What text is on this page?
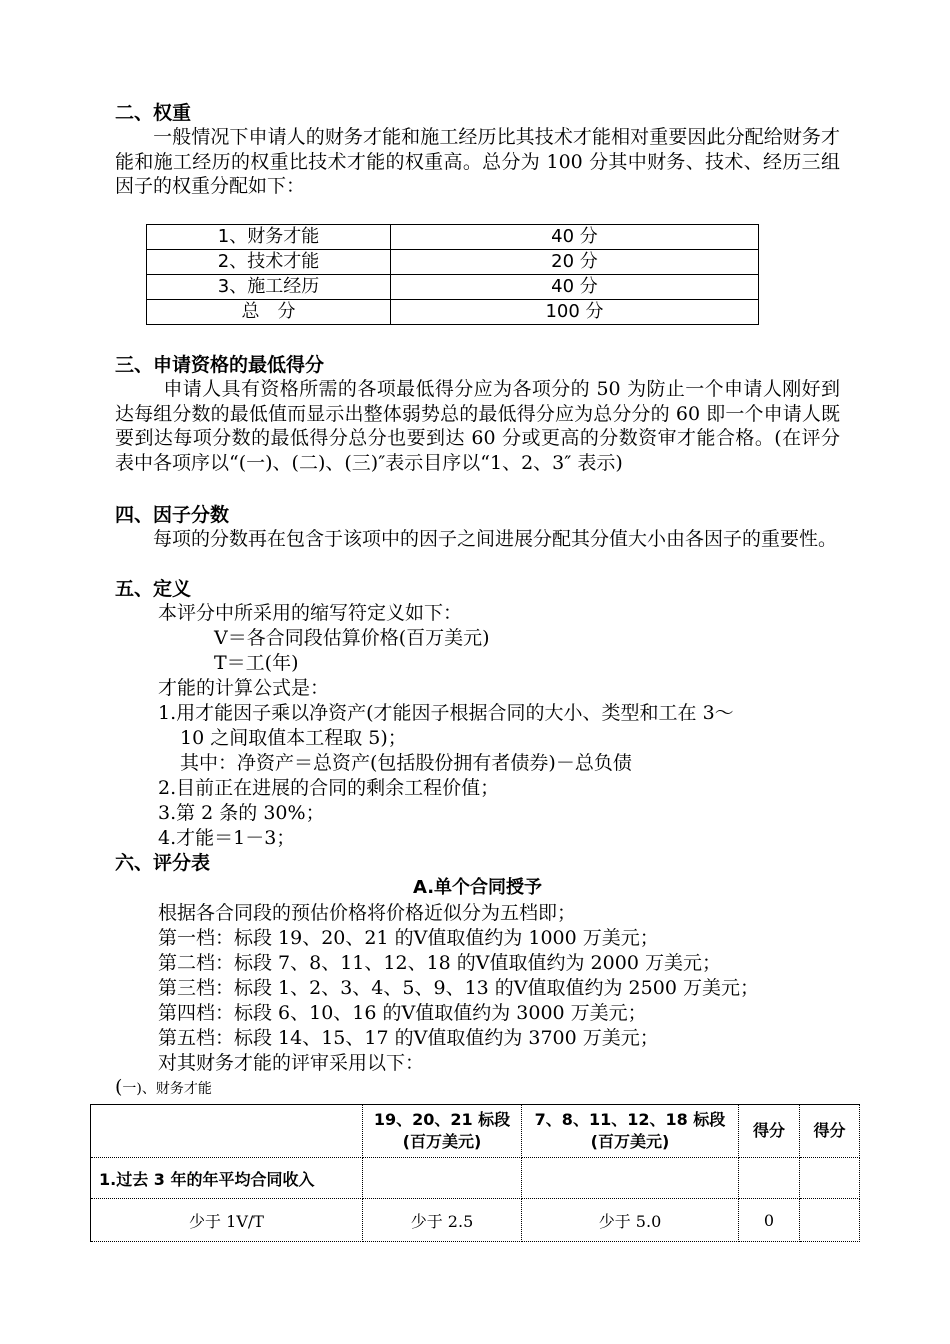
二、权重
一般情况下申请人的财务才能和施工经历比其技术才能相对重要因此分配给财务才能和施工经历的权重比技术才能的权重高。总分为 100 分其中财务、技术、经历三组因子的权重分配如下：
1、财务才能	40 分
2、技术才能	20 分
3、施工经历	40 分
总　分	100 分
三、申请资格的最低得分
申请人具有资格所需的各项最低得分应为各项分的 50 为防止一个申请人刚好到达每组分数的最低值而显示出整体弱势总的最低得分应为总分分的 60 即一个申请人既要到达每项分数的最低得分总分也要到达 60 分或更高的分数资审才能合格。(在评分表中各项序以“(一)、(二)、(三)″表示目序以“1、2、3″ 表示)
四、因子分数
每项的分数再在包含于该项中的因子之间进展分配其分值大小由各因子的重要性。
五、定义
本评分中所采用的缩写符定义如下：
V＝各合同段估算价格(百万美元)
T＝工(年)
才能的计算公式是：
1.用才能因子乘以净资产(才能因子根据合同的大小、类型和工在 3～
10 之间取值本工程取 5)；
其中：净资产＝总资产(包括股份拥有者债券)－总负债
2.目前正在进展的合同的剩余工程价值；
3.第 2 条的 30%；
4.才能＝1－3；
六、评分表
A.单个合同授予
根据各合同段的预估价格将价格近似分为五档即；
第一档：标段 19、20、21 的Ⅴ值取值约为 1000 万美元；
第二档：标段 7、8、11、12、18 的Ⅴ值取值约为 2000 万美元；
第三档：标段 1、2、3、4、5、9、13 的Ⅴ值取值约为 2500 万美元；
第四档：标段 6、10、16 的Ⅴ值取值约为 3000 万美元；
第五档：标段 14、15、17 的Ⅴ值取值约为 3700 万美元；
对其财务才能的评审采用以下：
(一)、财务才能
	19、20、21 标段
(百万美元)	7、8、11、12、18 标段
(百万美元)	得分	得分
1.过去 3 年的年平均合同收入				
少于 1V/T	少于 2.5	少于 5.0	0	
